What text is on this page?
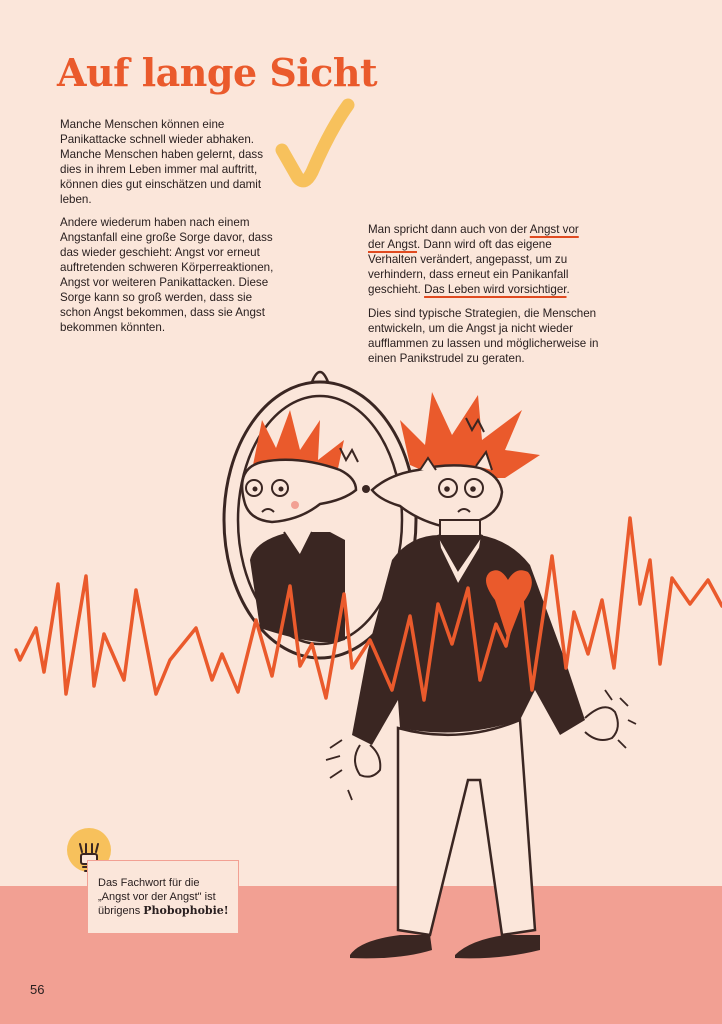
Auf lange Sicht

Manche Menschen können eine Panikattacke schnell wieder abhaken. Manche Menschen haben gelernt, dass dies in ihrem Leben immer mal auftritt, können dies gut einschätzen und damit leben.

Andere wiederum haben nach einem Angstanfall eine große Sorge davor, dass das wieder geschieht: Angst vor erneut auftretenden schweren Körperreaktionen, Angst vor weiteren Panikattacken. Diese Sorge kann so groß werden, dass sie schon Angst bekommen, dass sie Angst bekommen könnten.

Man spricht dann auch von der Angst vor der Angst. Dann wird oft das eigene Verhalten verändert, angepasst, um zu verhindern, dass erneut ein Panikanfall geschieht. Das Leben wird vorsichtiger.

Dies sind typische Strategien, die Menschen entwickeln, um die Angst ja nicht wieder aufflammen zu lassen und möglicherweise in einen Panikstrudel zu geraten.

Das Fachwort für die „Angst vor der Angst" ist übrigens Phobophobie!

56
